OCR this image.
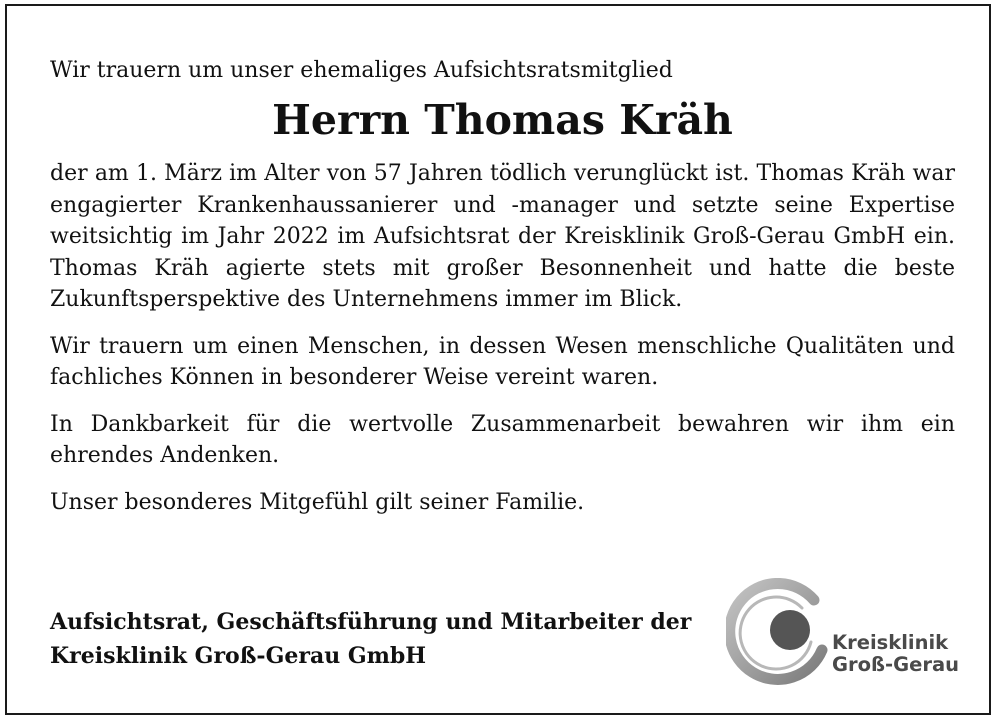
Wir trauern um unser ehemaliges Aufsichtsratsmitglied

Herrn Thomas Kräh

der am 1. März im Alter von 57 Jahren tödlich verunglückt ist. Thomas Kräh war engagierter Krankenhaussanierer und -manager und setzte seine Expertise weitsichtig im Jahr 2022 im Aufsichtsrat der Kreisklinik Groß-Gerau GmbH ein. Thomas Kräh agierte stets mit großer Besonnenheit und hatte die beste Zukunftsperspektive des Unternehmens immer im Blick.

Wir trauern um einen Menschen, in dessen Wesen menschliche Qualitäten und fachliches Können in besonderer Weise vereint waren.

In Dankbarkeit für die wertvolle Zusammenarbeit bewahren wir ihm ein ehrendes Andenken.

Unser besonderes Mitgefühl gilt seiner Familie.

Aufsichtsrat, Geschäftsführung und Mitarbeiter der
Kreisklinik Groß-Gerau GmbH
Kreisklinik
Groß-Gerau
